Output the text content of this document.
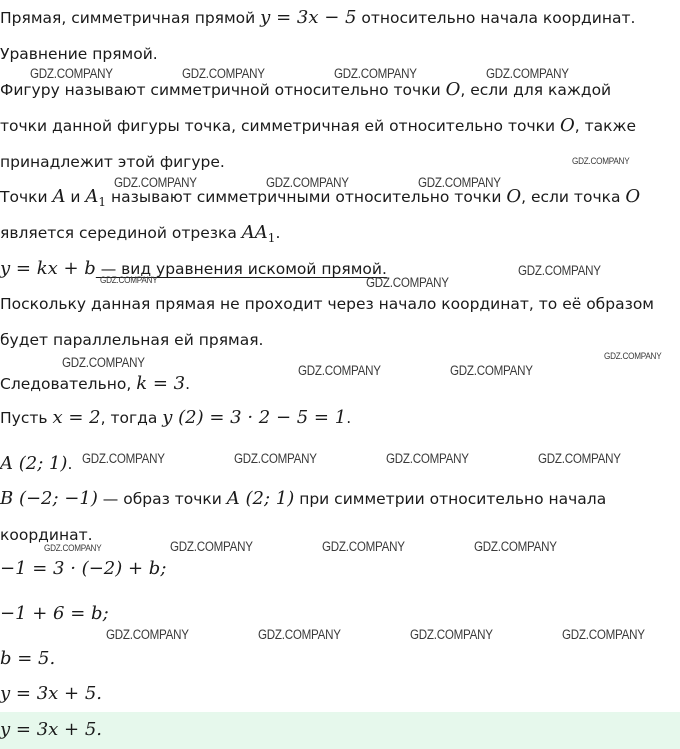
Прямая, симметричная прямой y = 3x − 5 относительно начала координат.
Уравнение прямой.
Фигуру называют симметричной относительно точки O, если для каждой
точки данной фигуры точка, симметричная ей относительно точки O, также
принадлежит этой фигуре.
Точки A и $A_1$ называют симметричными относительно точки O, если точка O
является серединой отрезка $AA_1$.
y = kx + b — вид уравнения искомой прямой.
Поскольку данная прямая не проходит через начало координат, то её образом
будет параллельная ей прямая.
Следовательно, k = 3.
Пусть x = 2, тогда y (2) = 3 · 2 − 5 = 1.
A (2; 1).
B (−2; −1) — образ точки A (2; 1) при симметрии относительно начала
координат.
−1 = 3 · (−2) + b;
−1 + 6 = b;
b = 5.
y = 3x + 5.
y = 3x + 5.
GDZ.COMPANY	GDZ.COMPANY	GDZ.COMPANY	GDZ.COMPANY
GDZ.COMPANY
GDZ.COMPANY	GDZ.COMPANY	GDZ.COMPANY
GDZ.COMPANY
GDZ.COMPANY	GDZ.COMPANY
GDZ.COMPANY
GDZ.COMPANY
GDZ.COMPANY	GDZ.COMPANY
GDZ.COMPANY	GDZ.COMPANY	GDZ.COMPANY	GDZ.COMPANY
GDZ.COMPANY	GDZ.COMPANY	GDZ.COMPANY	GDZ.COMPANY
GDZ.COMPANY	GDZ.COMPANY	GDZ.COMPANY	GDZ.COMPANY
